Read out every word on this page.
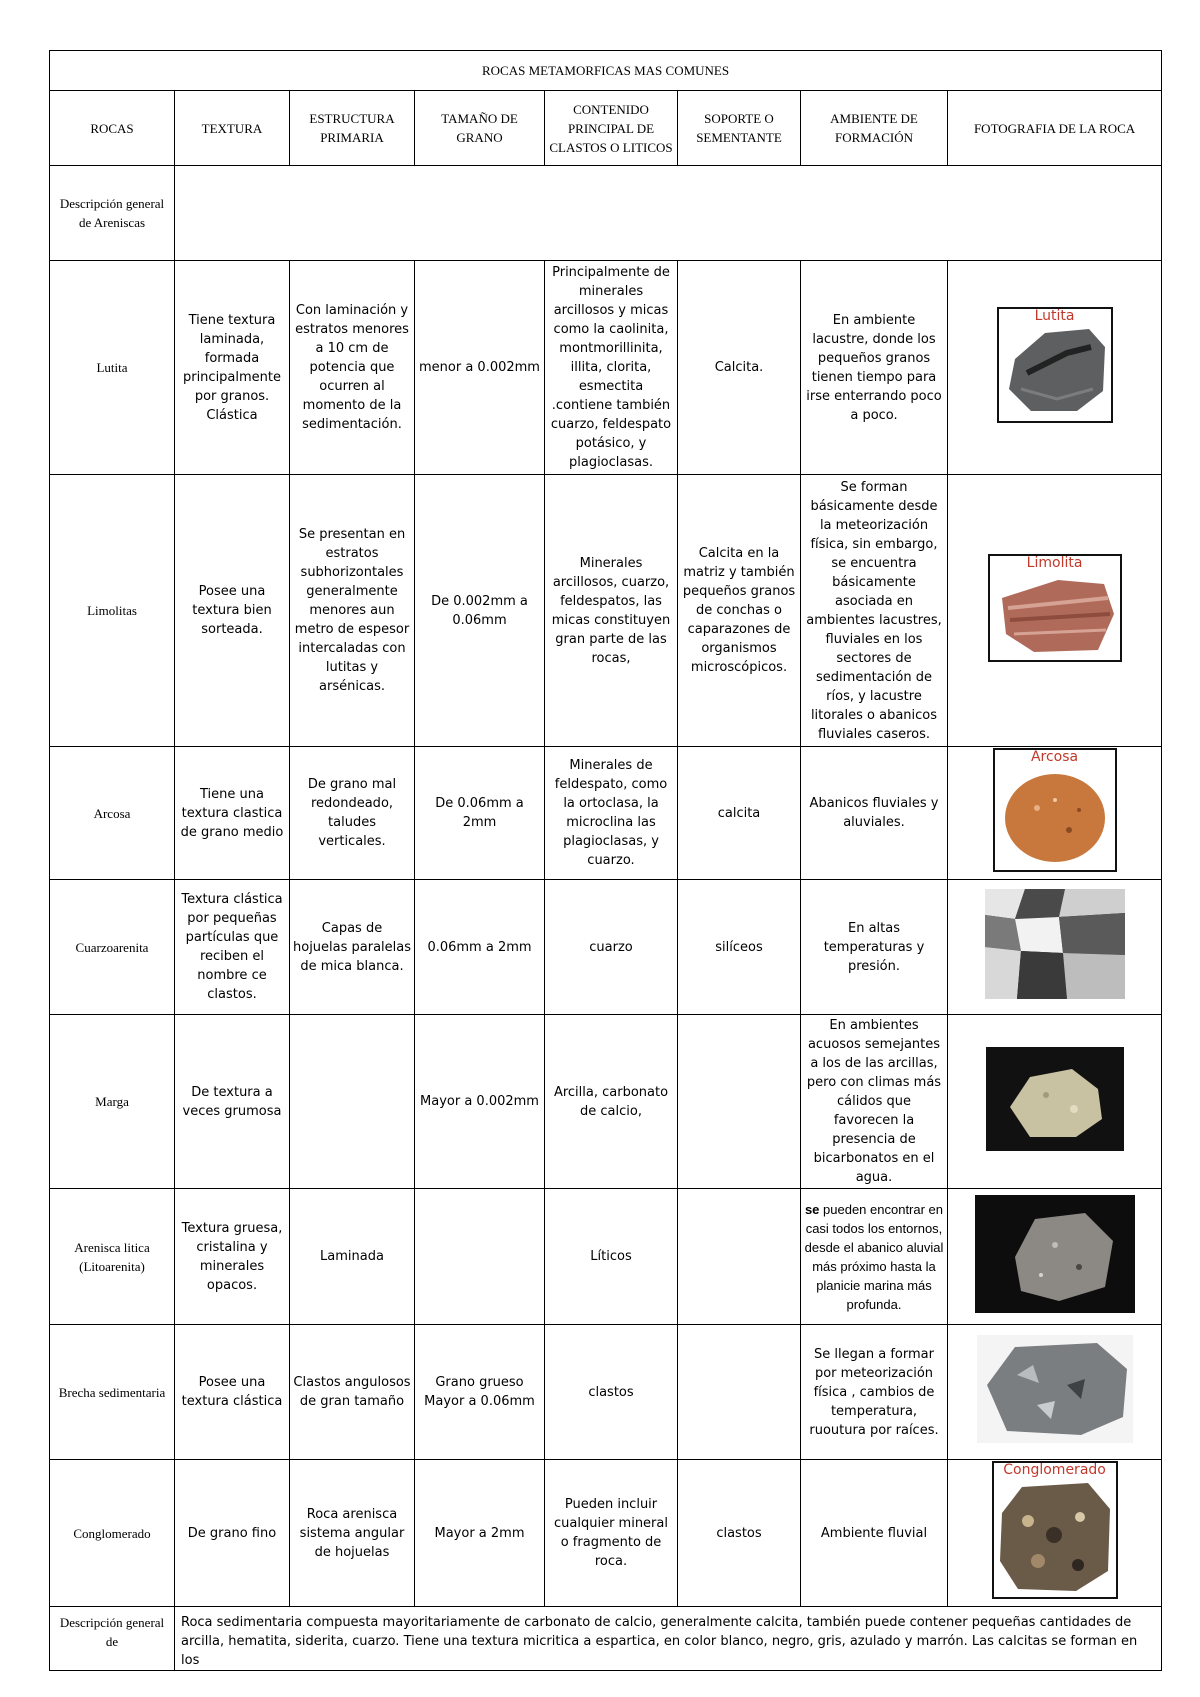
ROCAS METAMORFICAS MAS COMUNES							
ROCAS	TEXTURA	ESTRUCTURA PRIMARIA	TAMAÑO DE GRANO	CONTENIDO PRINCIPAL DE CLASTOS O LITICOS	SOPORTE O SEMENTANTE	AMBIENTE DE FORMACIÓN	FOTOGRAFIA DE LA ROCA
Descripción general de Areniscas							
Lutita	Tiene textura laminada, formada principalmente por granos. Clástica	Con laminación y estratos menores a 10 cm de potencia que ocurren al momento de la sedimentación.	menor a 0.002mm	Principalmente de minerales arcillosos y micas como la caolinita, montmorillinita, illita, clorita, esmectita .contiene también cuarzo, feldespato potásico, y plagioclasas.	Calcita.	En ambiente lacustre, donde los pequeños granos tienen tiempo para irse enterrando poco a poco.	Lutita

Limolitas	Posee una textura bien sorteada.	Se presentan en estratos subhorizontales generalmente menores aun metro de espesor intercaladas con lutitas y arsénicas.	De 0.002mm a 0.06mm	Minerales arcillosos, cuarzo, feldespatos, las micas constituyen gran parte de las rocas,	Calcita en la matriz y también pequeños granos de conchas o caparazones de organismos microscópicos.	Se forman básicamente desde la meteorización física, sin embargo, se encuentra básicamente asociada en ambientes lacustres, fluviales en los sectores de sedimentación de ríos, y lacustre litorales o abanicos fluviales caseros.	Limolita

Arcosa	Tiene una textura clastica de grano medio	De grano mal redondeado, taludes verticales.	De 0.06mm a 2mm	Minerales de feldespato, como la ortoclasa, la microclina las plagioclasas, y cuarzo.	calcita	Abanicos fluviales y aluviales.	Arcosa

Cuarzoarenita	Textura clástica por pequeñas partículas que reciben el nombre ce clastos.	Capas de hojuelas paralelas de mica blanca.	0.06mm a 2mm	cuarzo	silíceos	En altas temperaturas y presión.	

Marga	De textura a veces grumosa		Mayor a 0.002mm	Arcilla, carbonato de calcio,		En ambientes acuosos semejantes a los de las arcillas, pero con climas más cálidos que favorecen la presencia de bicarbonatos en el agua.	

Arenisca litica (Litoarenita)	Textura gruesa, cristalina y minerales opacos.	Laminada		Líticos		se pueden encontrar en casi todos los entornos, desde el abanico aluvial más próximo hasta la planicie marina más profunda.	

Brecha sedimentaria	Posee una textura clástica	Clastos angulosos de gran tamaño	Grano grueso Mayor a 0.06mm	clastos		Se llegan a formar por meteorización física , cambios de temperatura, ruoutura por raíces.	

Conglomerado	De grano fino	Roca arenisca sistema angular de hojuelas	Mayor a 2mm	Pueden incluir cualquier mineral o fragmento de roca.	clastos	Ambiente fluvial	Conglomerado

Descripción general de	Roca sedimentaria compuesta mayoritariamente de carbonato de calcio, generalmente calcita, también puede contener pequeñas cantidades de arcilla, hematita, siderita, cuarzo. Tiene una textura micritica a espartica, en color blanco, negro, gris, azulado y marrón. Las calcitas se forman en los						
